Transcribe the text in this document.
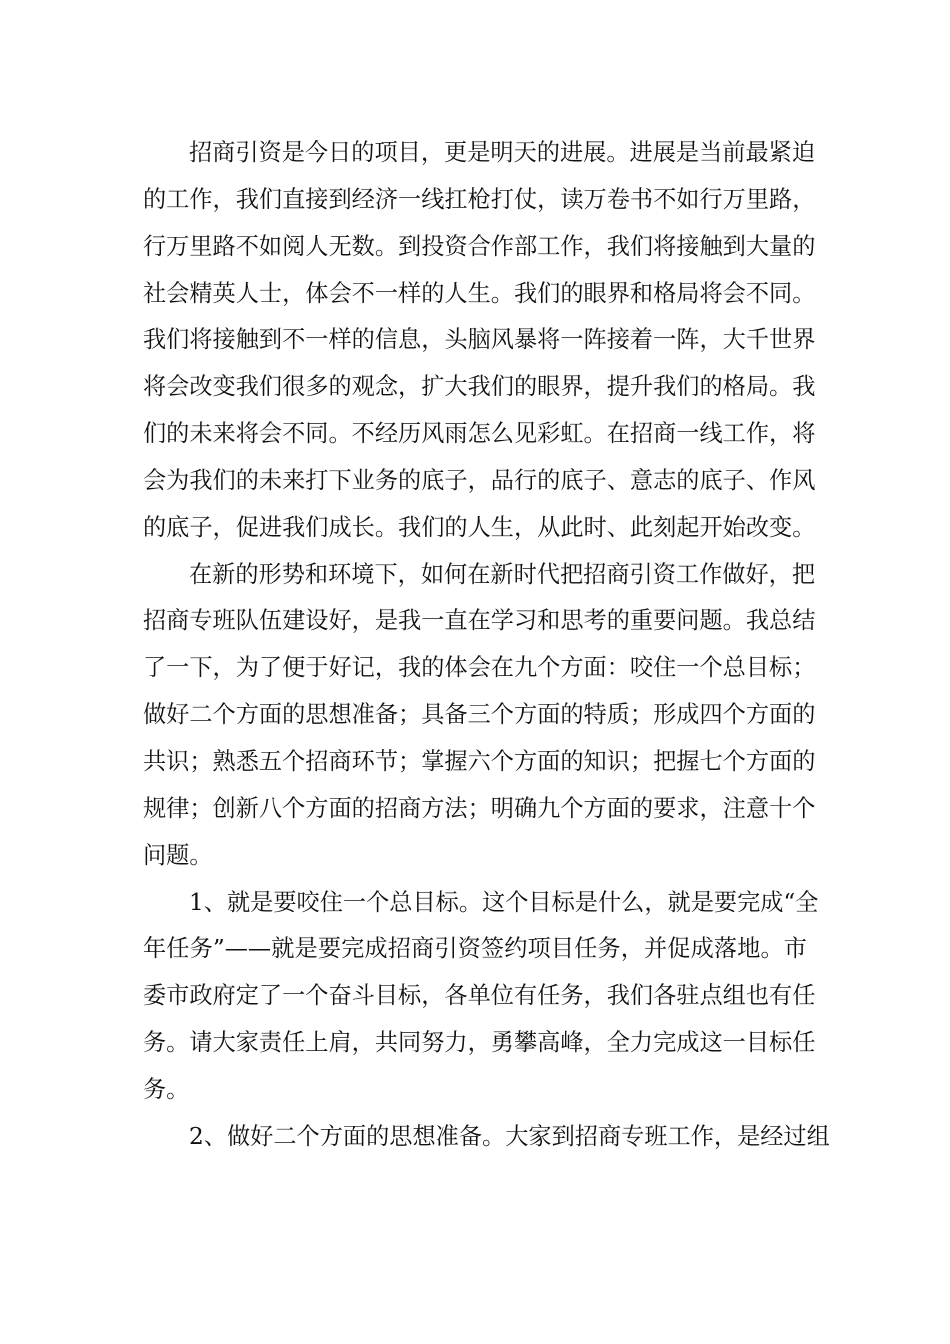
招商引资是今日的项目，更是明天的进展。进展是当前最紧迫
的工作，我们直接到经济一线扛枪打仗，读万卷书不如行万里路，
行万里路不如阅人无数。到投资合作部工作，我们将接触到大量的
社会精英人士，体会不一样的人生。我们的眼界和格局将会不同。
我们将接触到不一样的信息，头脑风暴将一阵接着一阵，大千世界
将会改变我们很多的观念，扩大我们的眼界，提升我们的格局。我
们的未来将会不同。不经历风雨怎么见彩虹。在招商一线工作，将
会为我们的未来打下业务的底子，品行的底子、意志的底子、作风
的底子，促进我们成长。我们的人生，从此时、此刻起开始改变。
在新的形势和环境下，如何在新时代把招商引资工作做好，把
招商专班队伍建设好，是我一直在学习和思考的重要问题。我总结
了一下，为了便于好记，我的体会在九个方面：咬住一个总目标；
做好二个方面的思想准备；具备三个方面的特质；形成四个方面的
共识；熟悉五个招商环节；掌握六个方面的知识；把握七个方面的
规律；创新八个方面的招商方法；明确九个方面的要求，注意十个
问题。
1、就是要咬住一个总目标。这个目标是什么，就是要完成“全
年任务”——就是要完成招商引资签约项目任务，并促成落地。市
委市政府定了一个奋斗目标，各单位有任务，我们各驻点组也有任
务。请大家责任上肩，共同努力，勇攀高峰，全力完成这一目标任
务。
2、做好二个方面的思想准备。大家到招商专班工作，是经过组
